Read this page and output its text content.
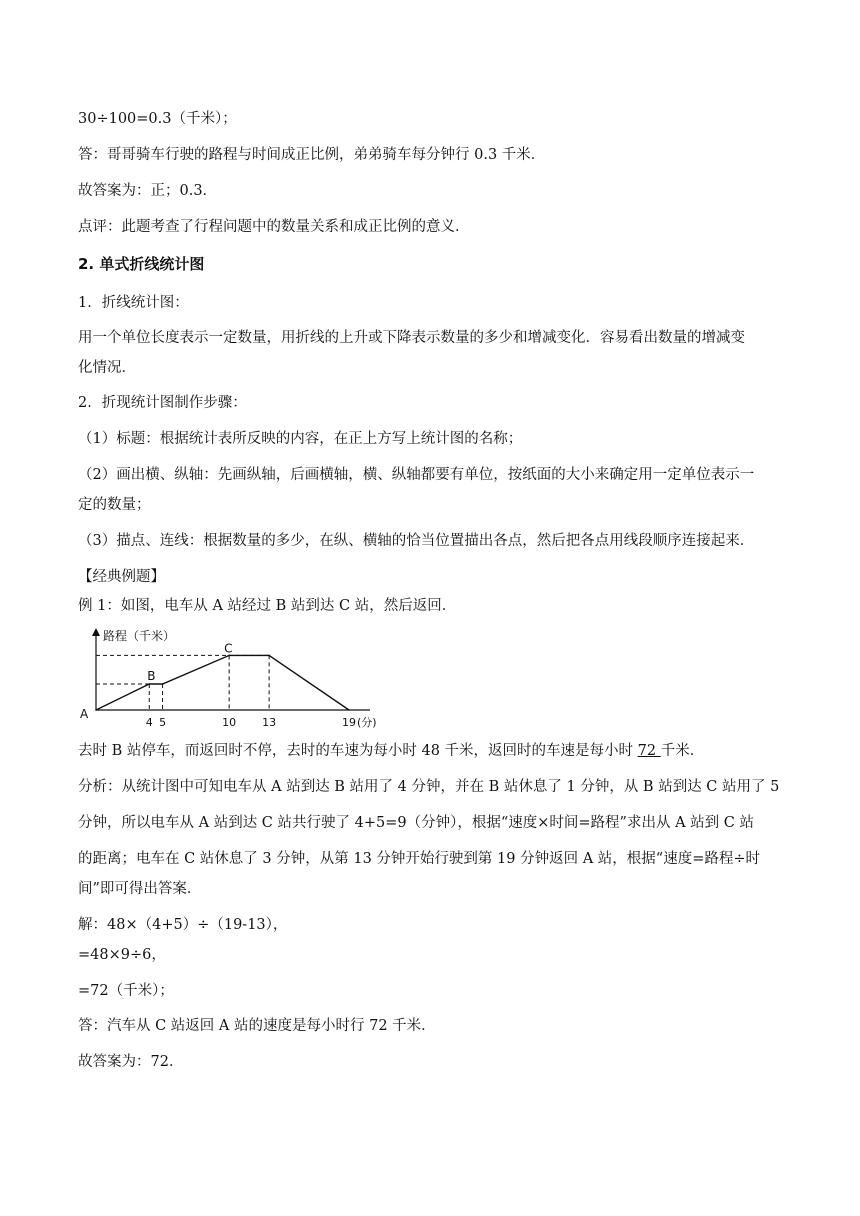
30÷100=0.3（千米）；
答：哥哥骑车行驶的路程与时间成正比例，弟弟骑车每分钟行 0.3 千米．
故答案为：正；0.3．
点评：此题考查了行程问题中的数量关系和成正比例的意义．
2. 单式折线统计图
1．折线统计图：
用一个单位长度表示一定数量，用折线的上升或下降表示数量的多少和增减变化．容易看出数量的增减变
化情况．
2．折现统计图制作步骤：
（1）标题：根据统计表所反映的内容，在正上方写上统计图的名称；
（2）画出横、纵轴：先画纵轴，后画横轴，横、纵轴都要有单位，按纸面的大小来确定用一定单位表示一
定的数量；
（3）描点、连线：根据数量的多少，在纵、横轴的恰当位置描出各点，然后把各点用线段顺序连接起来．
【经典例题】
例 1：如图，电车从 A 站经过 B 站到达 C 站，然后返回．
路程（千米）
4 5	10 13	19 (分)
A
B
C
去时 B 站停车，而返回时不停，去时的车速为每小时 48 千米，返回时的车速是每小时 72 千米．
分析：从统计图中可知电车从 A 站到达 B 站用了 4 分钟，并在 B 站休息了 1 分钟，从 B 站到达 C 站用了 5
分钟，所以电车从 A 站到达 C 站共行驶了 4+5=9（分钟），根据“速度×时间=路程”求出从 A 站到 C 站
的距离；电车在 C 站休息了 3 分钟，从第 13 分钟开始行驶到第 19 分钟返回 A 站，根据“速度=路程÷时
间”即可得出答案．
解：48×（4+5）÷（19-13），
=48×9÷6，
=72（千米）；
答：汽车从 C 站返回 A 站的速度是每小时行 72 千米．
故答案为：72．
